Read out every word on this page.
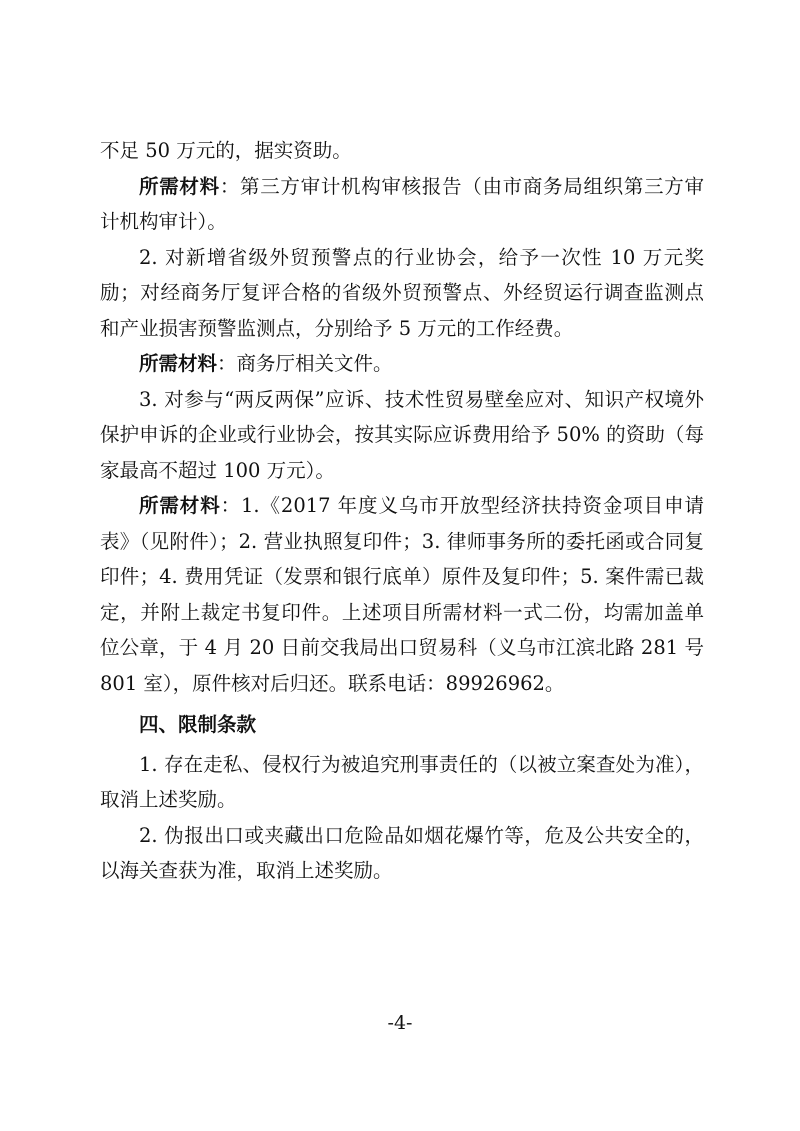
不足 50 万元的，据实资助。

所需材料：第三方审计机构审核报告（由市商务局组织第三方审计机构审计）。

2. 对新增省级外贸预警点的行业协会，给予一次性 10 万元奖励；对经商务厅复评合格的省级外贸预警点、外经贸运行调查监测点和产业损害预警监测点，分别给予 5 万元的工作经费。

所需材料：商务厅相关文件。

3. 对参与“两反两保”应诉、技术性贸易壁垒应对、知识产权境外保护申诉的企业或行业协会，按其实际应诉费用给予 50% 的资助（每家最高不超过 100 万元）。

所需材料：1.《2017 年度义乌市开放型经济扶持资金项目申请表》（见附件）；2. 营业执照复印件；3. 律师事务所的委托函或合同复印件；4. 费用凭证（发票和银行底单）原件及复印件；5. 案件需已裁定，并附上裁定书复印件。上述项目所需材料一式二份，均需加盖单位公章，于 4 月 20 日前交我局出口贸易科（义乌市江滨北路 281 号 801 室），原件核对后归还。联系电话：89926962。

四、限制条款

1. 存在走私、侵权行为被追究刑事责任的（以被立案查处为准），取消上述奖励。

2. 伪报出口或夹藏出口危险品如烟花爆竹等，危及公共安全的，以海关查获为准，取消上述奖励。

-4-
